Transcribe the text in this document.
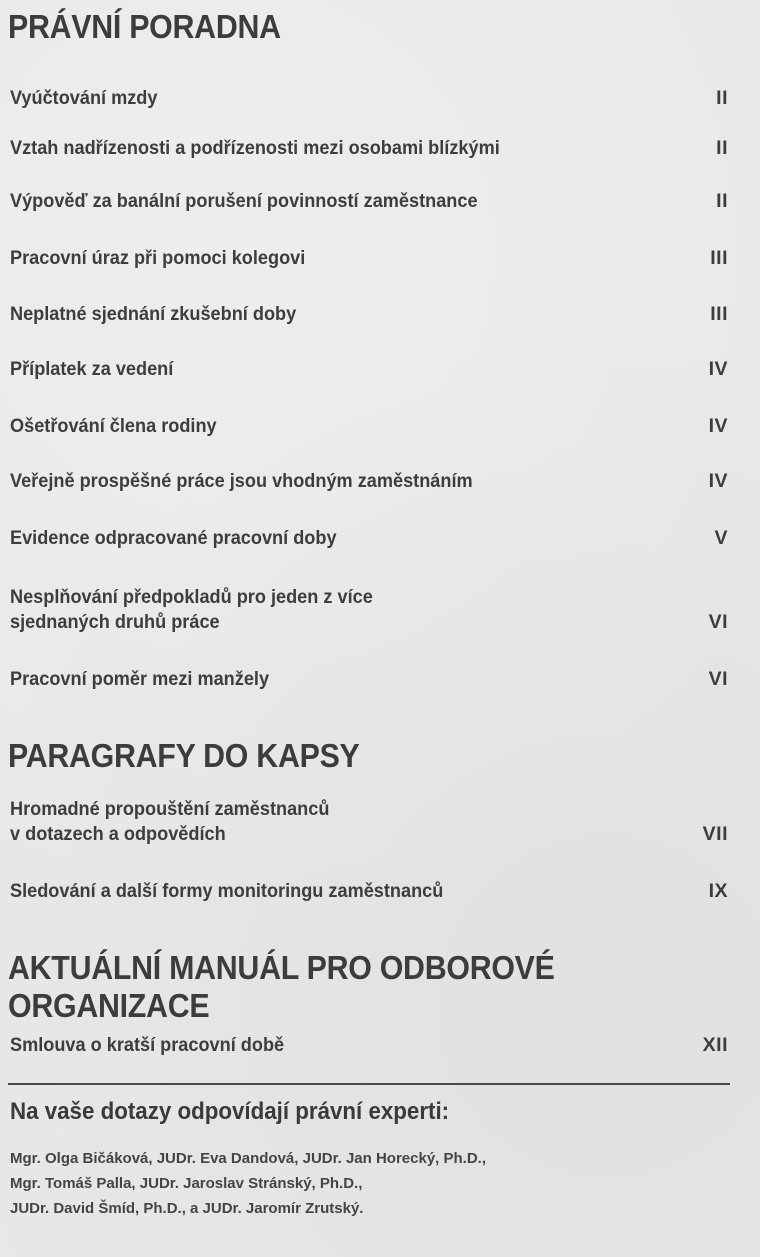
PRÁVNÍ PORADNA
Vyúčtování mzdy	II
Vztah nadřízenosti a podřízenosti mezi osobami blízkými	II
Výpověď za banální porušení povinností zaměstnance	II
Pracovní úraz při pomoci kolegovi	III
Neplatné sjednání zkušební doby	III
Příplatek za vedení	IV
Ošetřování člena rodiny	IV
Veřejně prospěšné práce jsou vhodným zaměstnáním	IV
Evidence odpracované pracovní doby	V
Nesplňování předpokladů pro jeden z více
sjednaných druhů práce	VI
Pracovní poměr mezi manžely	VI
PARAGRAFY DO KAPSY
Hromadné propouštění zaměstnanců
v dotazech a odpovědích	VII
Sledování a další formy monitoringu zaměstnanců	IX
AKTUÁLNÍ MANUÁL PRO ODBOROVÉ
ORGANIZACE
Smlouva o kratší pracovní době	XII
Na vaše dotazy odpovídají právní experti:
Mgr. Olga Bičáková, JUDr. Eva Dandová, JUDr. Jan Horecký, Ph.D.,
Mgr. Tomáš Palla, JUDr. Jaroslav Stránský, Ph.D.,
JUDr. David Šmíd, Ph.D., a JUDr. Jaromír Zrutský.
